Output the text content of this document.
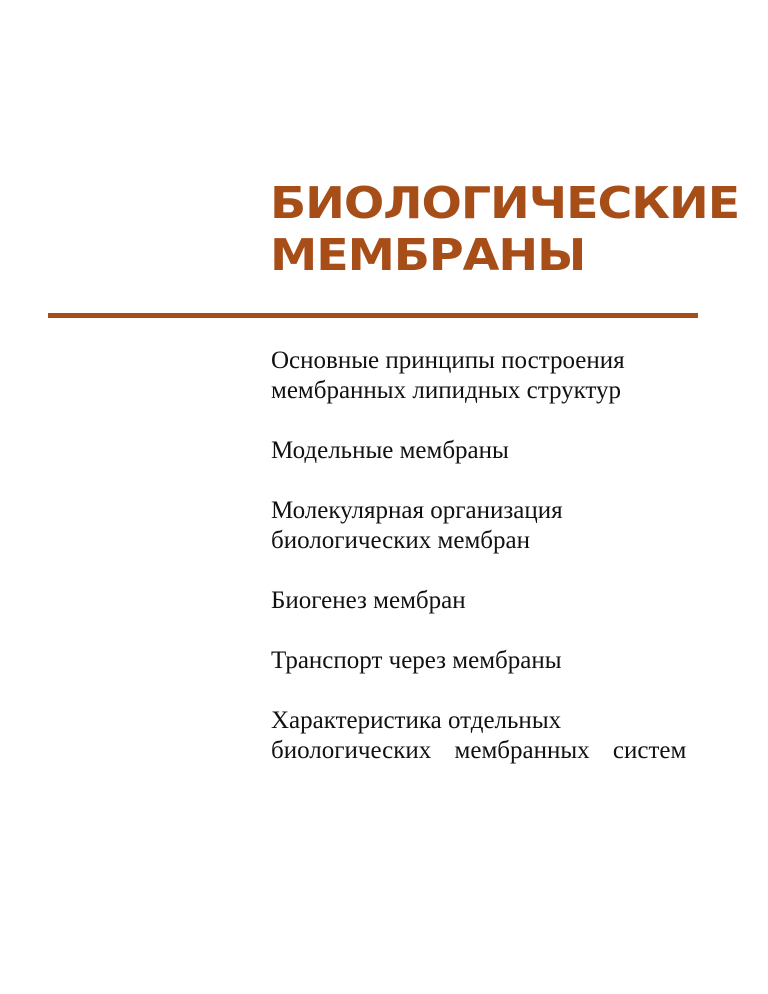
БИОЛОГИЧЕСКИЕ
МЕМБРАНЫ
Основные принципы построения
мембранных липидных структур
Модельные мембраны
Молекулярная организация
биологических мембран
Биогенез мембран
Транспорт через мембраны
Характеристика отдельных
биологических мембранных систем
